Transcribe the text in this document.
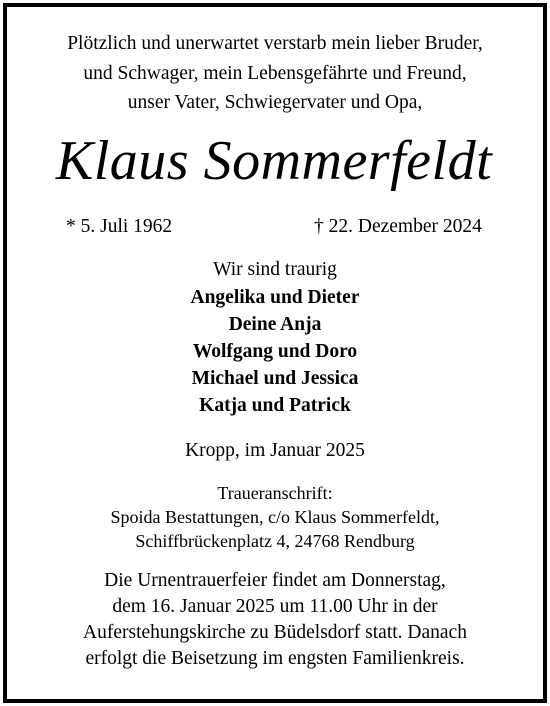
Plötzlich und unerwartet verstarb mein lieber Bruder,
und Schwager, mein Lebensgefährte und Freund,
unser Vater, Schwiegervater und Opa,
Klaus Sommerfeldt
* 5. Juli 1962	† 22. Dezember 2024
Wir sind traurig
Angelika und Dieter
Deine Anja
Wolfgang und Doro
Michael und Jessica
Katja und Patrick
Kropp, im Januar 2025
Traueranschrift:
Spoida Bestattungen, c/o Klaus Sommerfeldt,
Schiffbrückenplatz 4, 24768 Rendburg
Die Urnentrauerfeier findet am Donnerstag,
dem 16. Januar 2025 um 11.00 Uhr in der
Auferstehungskirche zu Büdelsdorf statt. Danach
erfolgt die Beisetzung im engsten Familienkreis.
